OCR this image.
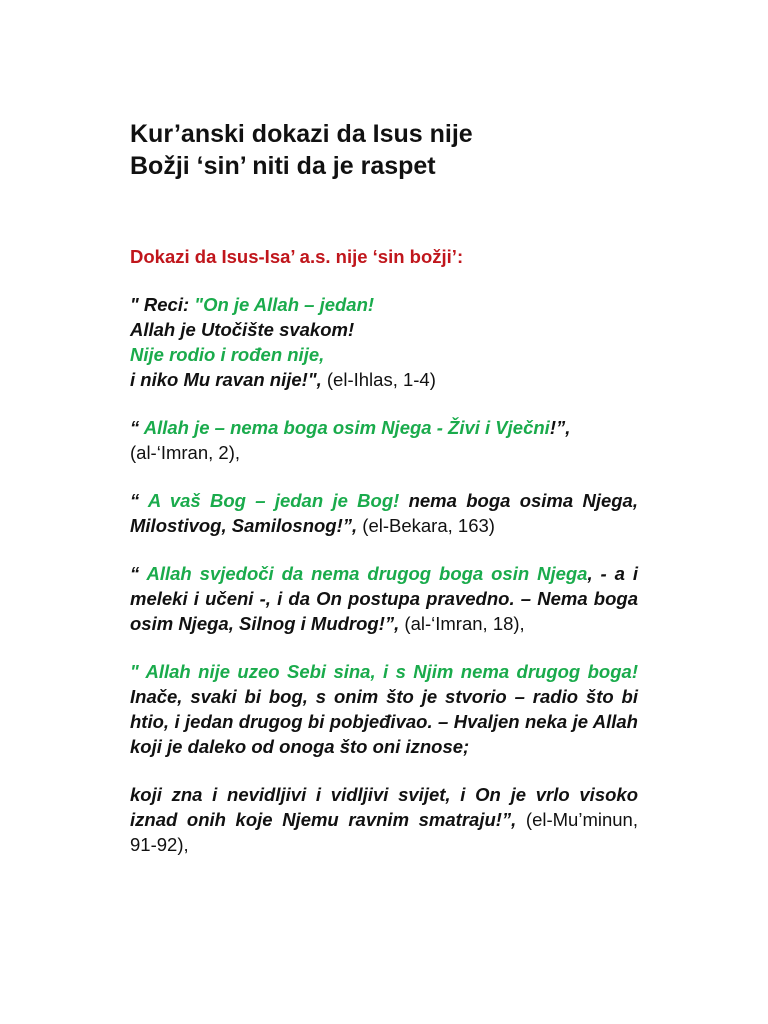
Kur’anski dokazi da Isus nije
Božji ‘sin’ niti da je raspet

Dokazi da Isus-Isa’ a.s. nije ‘sin božji’:

" Reci: "On je Allah – jedan!
Allah je Utočište svakom!
Nije rodio i rođen nije,
i niko Mu ravan nije!", (el-Ihlas, 1-4)

“ Allah je – nema boga osim Njega - Živi i Vječni!”, (al-‘Imran, 2),

“ A vaš Bog – jedan je Bog! nema boga osima Njega, Milostivog, Samilosnog!”, (el-Bekara, 163)

“ Allah svjedoči da nema drugog boga osin Njega, - a i meleki i učeni -, i da On postupa pravedno. – Nema boga osim Njega, Silnog i Mudrog!”, (al-‘Imran, 18),

" Allah nije uzeo Sebi sina, i s Njim nema drugog boga! Inače, svaki bi bog, s onim što je stvorio – radio što bi htio, i jedan drugog bi pobjeđivao. – Hvaljen neka je Allah koji je daleko od onoga što oni iznose;

koji zna i nevidljivi i vidljivi svijet, i On je vrlo visoko iznad onih koje Njemu ravnim smatraju!”, (el-Mu’minun, 91-92),
